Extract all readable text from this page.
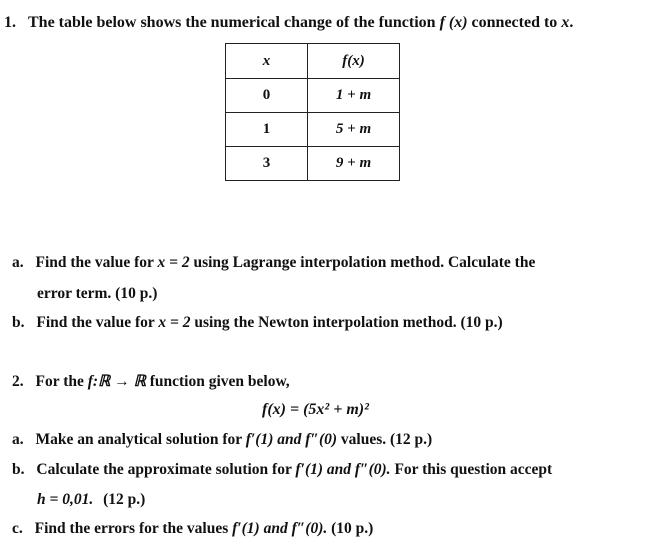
1. The table below shows the numerical change of the function f (x) connected to x.
x	f(x)
0	1 + m
1	5 + m
3	9 + m
a. Find the value for x = 2 using Lagrange interpolation method. Calculate the
error term. (10 p.)
b. Find the value for x = 2 using the Newton interpolation method. (10 p.)
2. For the f:ℝ → ℝ function given below,
f(x) = (5x² + m)²
a. Make an analytical solution for f′(1) and f″(0) values. (12 p.)
b. Calculate the approximate solution for f′(1) and f″(0). For this question accept
h = 0,01. (12 p.)
c. Find the errors for the values f′(1) and f″(0). (10 p.)
